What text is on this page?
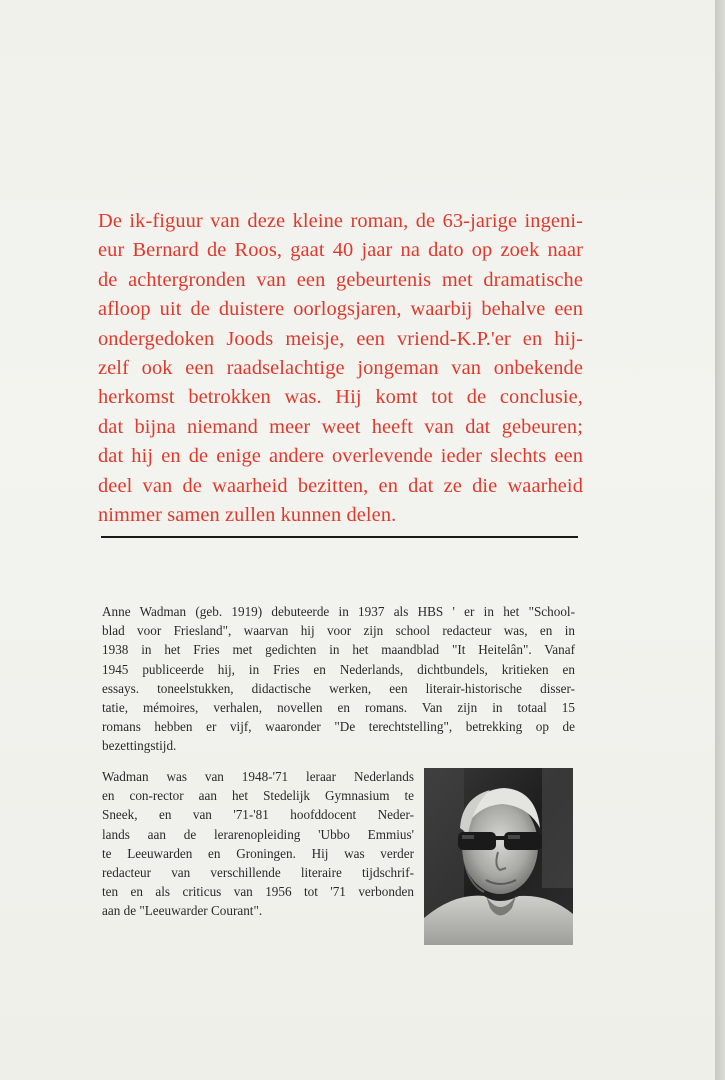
De ik-figuur van deze kleine roman, de 63-jarige ingeni-
eur Bernard de Roos, gaat 40 jaar na dato op zoek naar
de achtergronden van een gebeurtenis met dramatische
afloop uit de duistere oorlogsjaren, waarbij behalve een
ondergedoken Joods meisje, een vriend-K.P.'er en hij-
zelf ook een raadselachtige jongeman van onbekende
herkomst betrokken was. Hij komt tot de conclusie,
dat bijna niemand meer weet heeft van dat gebeuren;
dat hij en de enige andere overlevende ieder slechts een
deel van de waarheid bezitten, en dat ze die waarheid
nimmer samen zullen kunnen delen.
Anne Wadman (geb. 1919) debuteerde in 1937 als HBS ' er in het "School-
blad voor Friesland", waarvan hij voor zijn school redacteur was, en in
1938 in het Fries met gedichten in het maandblad "It Heitelân". Vanaf
1945 publiceerde hij, in Fries en Nederlands, dichtbundels, kritieken en
essays. toneelstukken, didactische werken, een literair-historische disser-
tatie, mémoires, verhalen, novellen en romans. Van zijn in totaal 15
romans hebben er vijf, waaronder "De terechtstelling", betrekking op de
bezettingstijd.
Wadman was van 1948-'71 leraar Nederlands
en con-rector aan het Stedelijk Gymnasium te
Sneek, en van '71-'81 hoofddocent Neder-
lands aan de lerarenopleiding 'Ubbo Emmius'
te Leeuwarden en Groningen. Hij was verder
redacteur van verschillende literaire tijdschrif-
ten en als criticus van 1956 tot '71 verbonden
aan de "Leeuwarder Courant".
